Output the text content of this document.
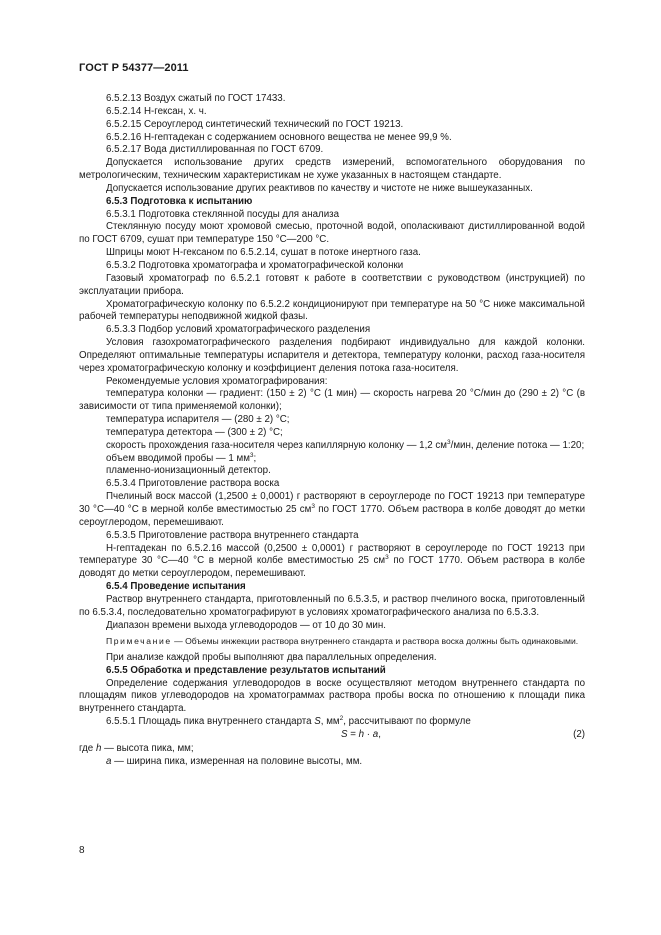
ГОСТ Р 54377—2011

6.5.2.13 Воздух сжатый по ГОСТ 17433.

6.5.2.14 Н-гексан, х. ч.

6.5.2.15 Сероуглерод синтетический технический по ГОСТ 19213.

6.5.2.16 Н-гептадекан с содержанием основного вещества не менее 99,9 %.

6.5.2.17 Вода дистиллированная по ГОСТ 6709.

Допускается использование других средств измерений, вспомогательного оборудования по метрологическим, техническим характеристикам не хуже указанных в настоящем стандарте.

Допускается использование других реактивов по качеству и чистоте не ниже вышеуказанных.

6.5.3 Подготовка к испытанию

6.5.3.1 Подготовка стеклянной посуды для анализа

Стеклянную посуду моют хромовой смесью, проточной водой, ополаскивают дистиллированной водой по ГОСТ 6709, сушат при температуре 150 °С—200 °С.

Шприцы моют Н-гексаном по 6.5.2.14, сушат в потоке инертного газа.

6.5.3.2 Подготовка хроматографа и хроматографической колонки

Газовый хроматограф по 6.5.2.1 готовят к работе в соответствии с руководством (инструкцией) по эксплуатации прибора.

Хроматографическую колонку по 6.5.2.2 кондиционируют при температуре на 50 °С ниже максимальной рабочей температуры неподвижной жидкой фазы.

6.5.3.3 Подбор условий хроматографического разделения

Условия газохроматографического разделения подбирают индивидуально для каждой колонки. Определяют оптимальные температуры испарителя и детектора, температуру колонки, расход газа-носителя через хроматографическую колонку и коэффициент деления потока газа-носителя.

Рекомендуемые условия хроматографирования:

температура колонки — градиент: (150 ± 2) °С (1 мин) — скорость нагрева 20 °С/мин до (290 ± 2) °С (в зависимости от типа применяемой колонки);

температура испарителя — (280 ± 2) °С;

температура детектора — (300 ± 2) °С;

скорость прохождения газа-носителя через капиллярную колонку — 1,2 $см^3$/мин, деление потока — 1:20;

объем вводимой пробы — 1 $мм^3$;

пламенно-ионизационный детектор.

6.5.3.4 Приготовление раствора воска

Пчелиный воск массой (1,2500 ± 0,0001) г растворяют в сероуглероде по ГОСТ 19213 при температуре 30 °С—40 °С в мерной колбе вместимостью 25 $см^3$ по ГОСТ 1770. Объем раствора в колбе доводят до метки сероуглеродом, перемешивают.

6.5.3.5 Приготовление раствора внутреннего стандарта

Н-гептадекан по 6.5.2.16 массой (0,2500 ± 0,0001) г растворяют в сероуглероде по ГОСТ 19213 при температуре 30 °С—40 °С в мерной колбе вместимостью 25 $см^3$ по ГОСТ 1770. Объем раствора в колбе доводят до метки сероуглеродом, перемешивают.

6.5.4 Проведение испытания

Раствор внутреннего стандарта, приготовленный по 6.5.3.5, и раствор пчелиного воска, приготовленный по 6.5.3.4, последовательно хроматографируют в условиях хроматографического анализа по 6.5.3.3.

Диапазон времени выхода углеводородов — от 10 до 30 мин.

Примечание — Объемы инжекции раствора внутреннего стандарта и раствора воска должны быть одинаковыми.

При анализе каждой пробы выполняют два параллельных определения.

6.5.5 Обработка и представление результатов испытаний

Определение содержания углеводородов в воске осуществляют методом внутреннего стандарта по площадям пиков углеводородов на хроматограммах раствора пробы воска по отношению к площади пика внутреннего стандарта.

6.5.5.1 Площадь пика внутреннего стандарта S, $мм^2$, рассчитывают по формуле

S = h · a,	(2)

где h — высота пика, мм;

a — ширина пика, измеренная на половине высоты, мм.

8
